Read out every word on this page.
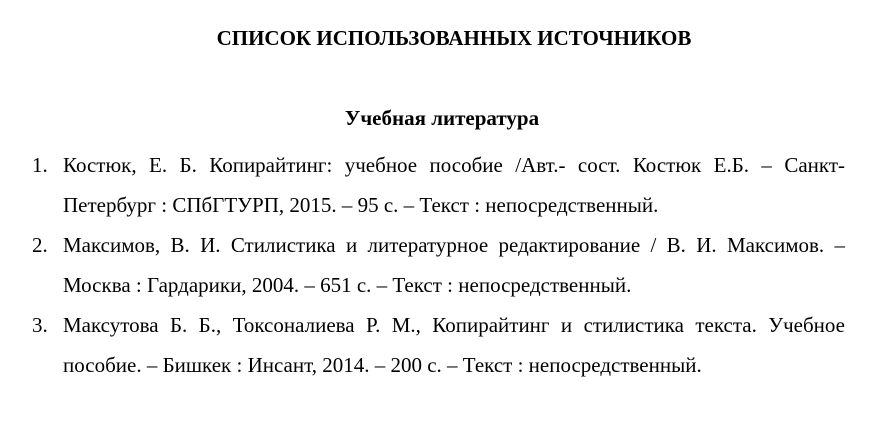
СПИСОК ИСПОЛЬЗОВАННЫХ ИСТОЧНИКОВ
Учебная литература
1. Костюк, Е. Б. Копирайтинг: учебное пособие /Авт.- сост. Костюк Е.Б. – Санкт-Петербург : СПбГТУРП, 2015. – 95 с. – Текст : непосредственный.
2. Максимов, В. И. Стилистика и литературное редактирование / В. И. Максимов. – Москва : Гардарики, 2004. – 651 с. – Текст : непосредственный.
3. Максутова Б. Б., Токсоналиева Р. М., Копирайтинг и стилистика текста. Учебное пособие. – Бишкек : Инсант, 2014. – 200 с. – Текст : непосредственный.
